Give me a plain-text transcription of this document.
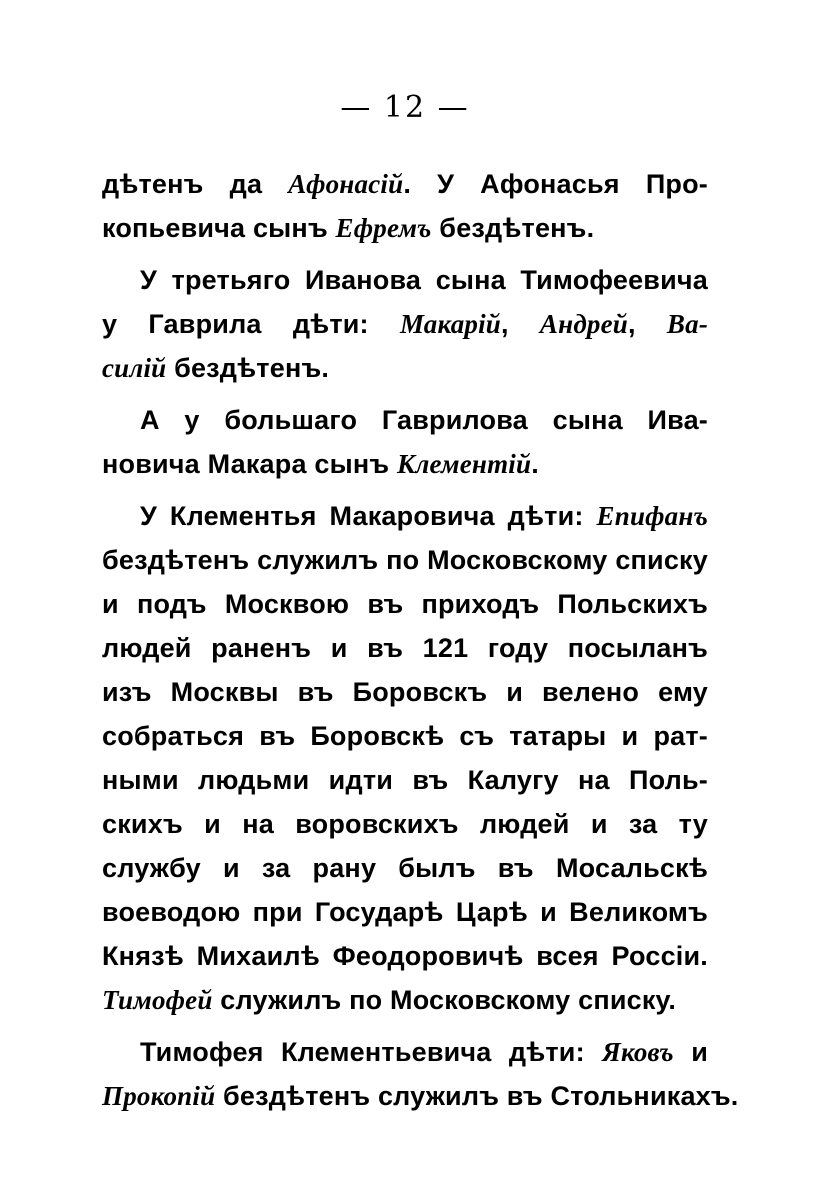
— 12 —
дѣтенъ да Афонасій. У Афонасья Про-
копьевича сынъ Ефремъ бездѣтенъ.
У третьяго Иванова сына Тимофеевича
у Гаврила дѣти: Макарій, Андрей, Ва-
силій бездѣтенъ.
А у большаго Гаврилова сына Ива-
новича Макара сынъ Клементій.
У Клементья Макаровича дѣти: Епифанъ
бездѣтенъ служилъ по Московскому списку
и подъ Москвою въ приходъ Польскихъ
людей раненъ и въ 121 году посыланъ
изъ Москвы въ Боровскъ и велено ему
собраться въ Боровскѣ съ татары и рат-
ными людьми идти въ Калугу на Поль-
скихъ и на воровскихъ людей и за ту
службу и за рану былъ въ Мосальскѣ
воеводою при Государѣ Царѣ и Великомъ
Князѣ Михаилѣ Феодоровичѣ всея Россіи.
Тимофей служилъ по Московскому списку.
Тимофея Клементьевича дѣти: Яковъ и
Прокопій бездѣтенъ служилъ въ Стольникахъ.
